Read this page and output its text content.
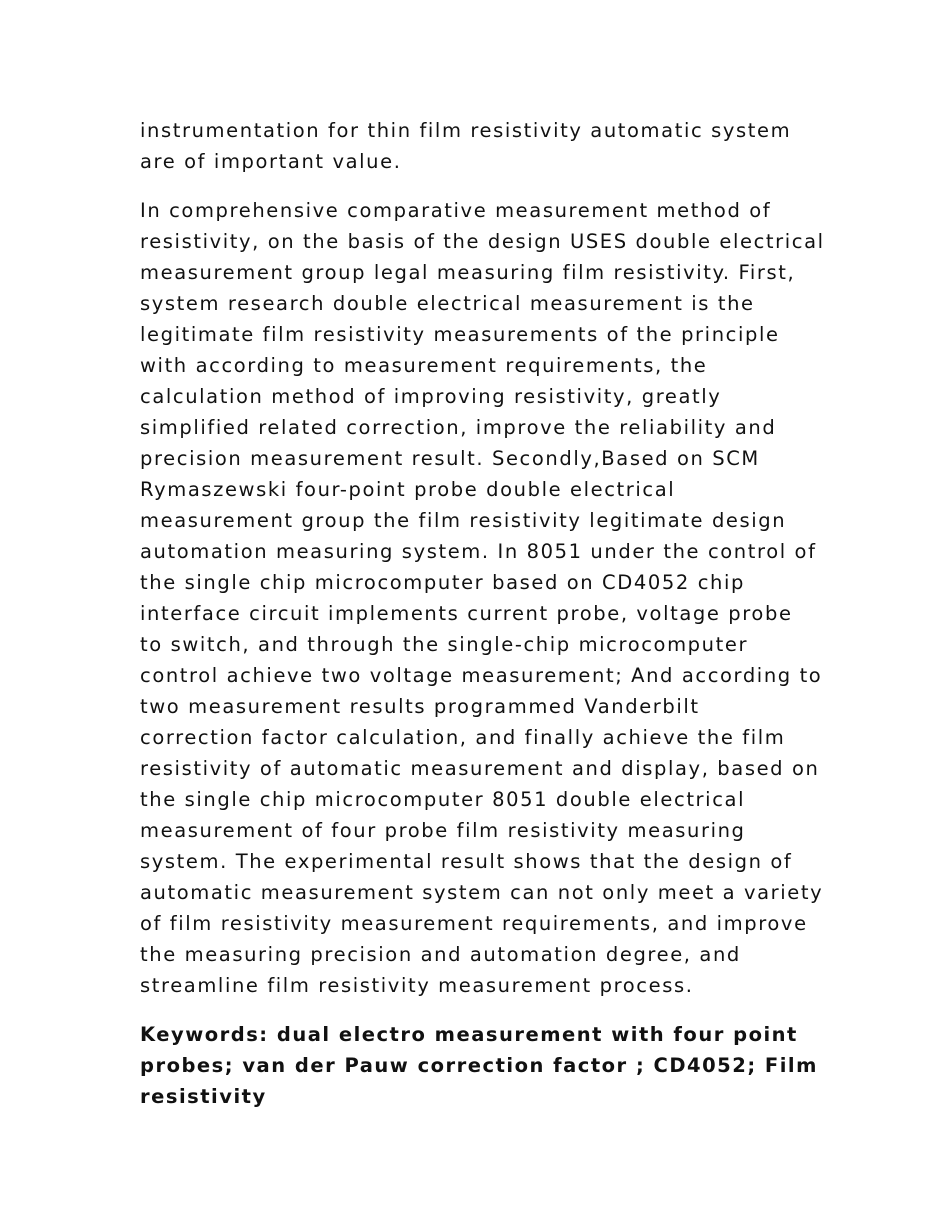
instrumentation for thin film resistivity automatic system
are of important value.
In comprehensive comparative measurement method of
resistivity, on the basis of the design USES double electrical
measurement group legal measuring film resistivity. First,
system research double electrical measurement is the
legitimate film resistivity measurements of the principle
with according to measurement requirements, the
calculation method of improving resistivity, greatly
simplified related correction, improve the reliability and
precision measurement result. Secondly,Based on SCM
Rymaszewski four-point probe double electrical
measurement group the film resistivity legitimate design
automation measuring system. In 8051 under the control of
the single chip microcomputer based on CD4052 chip
interface circuit implements current probe, voltage probe
to switch, and through the single-chip microcomputer
control achieve two voltage measurement; And according to
two measurement results programmed Vanderbilt
correction factor calculation, and finally achieve the film
resistivity of automatic measurement and display, based on
the single chip microcomputer 8051 double electrical
measurement of four probe film resistivity measuring
system. The experimental result shows that the design of
automatic measurement system can not only meet a variety
of film resistivity measurement requirements, and improve
the measuring precision and automation degree, and
streamline film resistivity measurement process.
Keywords: dual electro measurement with four point
probes; van der Pauw correction factor ; CD4052; Film
resistivity
